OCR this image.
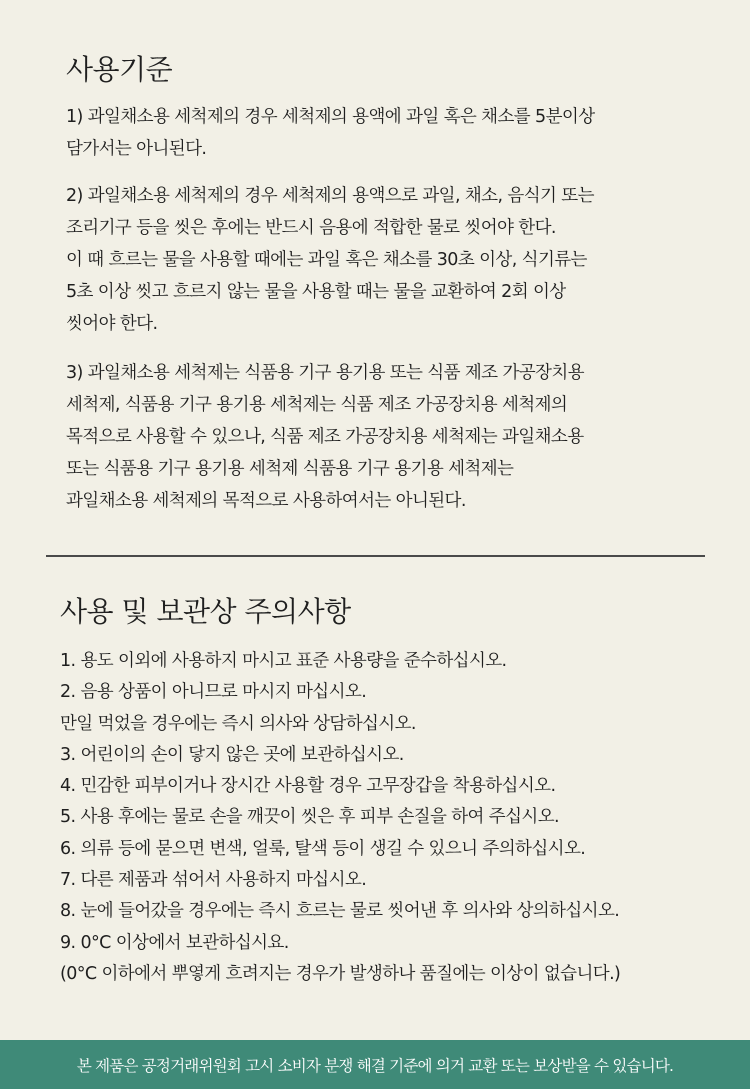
사용기준

1) 과일채소용 세척제의 경우 세척제의 용액에 과일 혹은 채소를 5분이상
담가서는 아니된다.

2) 과일채소용 세척제의 경우 세척제의 용액으로 과일, 채소, 음식기 또는
조리기구 등을 씻은 후에는 반드시 음용에 적합한 물로 씻어야 한다.
이 때 흐르는 물을 사용할 때에는 과일 혹은 채소를 30초 이상, 식기류는
5초 이상 씻고 흐르지 않는 물을 사용할 때는 물을 교환하여 2회 이상
씻어야 한다.

3) 과일채소용 세척제는 식품용 기구 용기용 또는 식품 제조 가공장치용
세척제, 식품용 기구 용기용 세척제는 식품 제조 가공장치용 세척제의
목적으로 사용할 수 있으나, 식품 제조 가공장치용 세척제는 과일채소용
또는 식품용 기구 용기용 세척제 식품용 기구 용기용 세척제는
과일채소용 세척제의 목적으로 사용하여서는 아니된다.

사용 및 보관상 주의사항
1. 용도 이외에 사용하지 마시고 표준 사용량을 준수하십시오.
2. 음용 상품이 아니므로 마시지 마십시오.
만일 먹었을 경우에는 즉시 의사와 상담하십시오.
3. 어린이의 손이 닿지 않은 곳에 보관하십시오.
4. 민감한 피부이거나 장시간 사용할 경우 고무장갑을 착용하십시오.
5. 사용 후에는 물로 손을 깨끗이 씻은 후 피부 손질을 하여 주십시오.
6. 의류 등에 묻으면 변색, 얼룩, 탈색 등이 생길 수 있으니 주의하십시오.
7. 다른 제품과 섞어서 사용하지 마십시오.
8. 눈에 들어갔을 경우에는 즉시 흐르는 물로 씻어낸 후 의사와 상의하십시오.
9. 0°C 이상에서 보관하십시요.
(0°C 이하에서 뿌옇게 흐려지는 경우가 발생하나 품질에는 이상이 없습니다.)
본 제품은 공정거래위원회 고시 소비자 분쟁 해결 기준에 의거 교환 또는 보상받을 수 있습니다.
